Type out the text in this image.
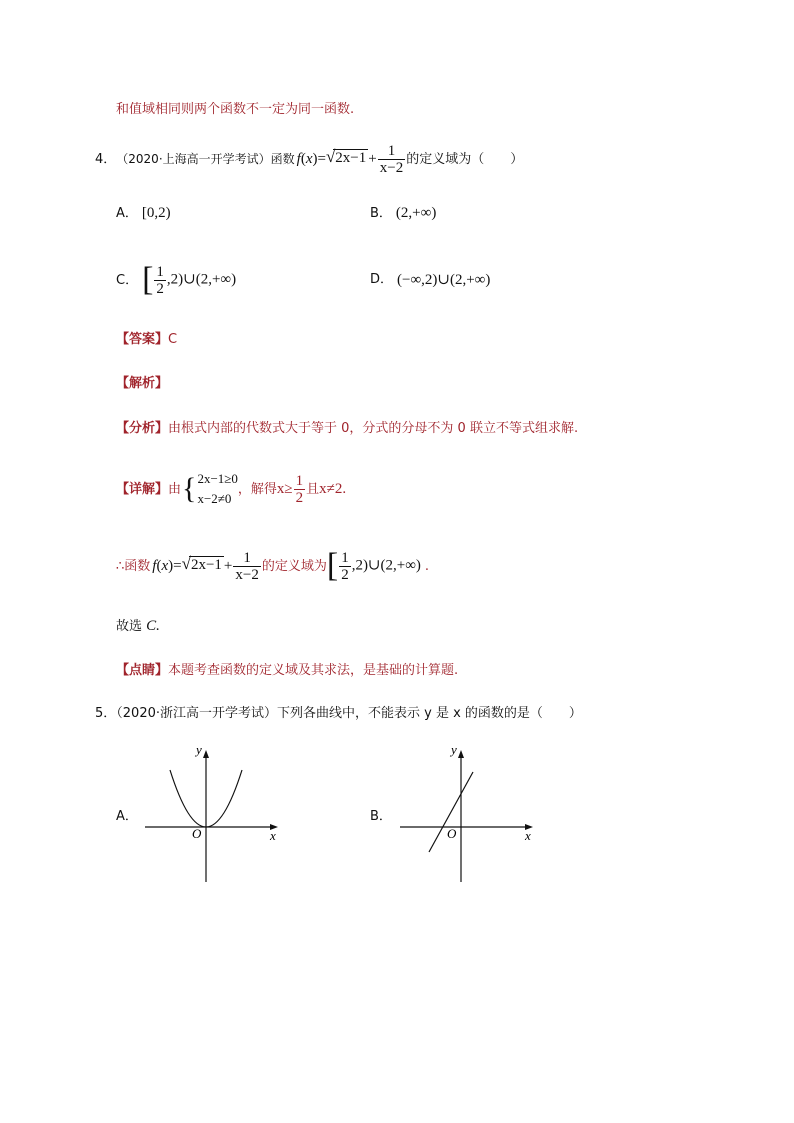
和值域相同则两个函数不一定为同一函数.
4． （2020·上海高一开学考试）函数 $f(x)=√2x-1 + \frac{1}{x-2}$ 的定义域为（　　）
A． [0,2)	B． (2,+∞)
C． [ $\frac{1}{2}$ ,2)∪(2,+∞)	D． (−∞,2)∪(2,+∞)
【答案】C
【解析】
【分析】由根式内部的代数式大于等于 0，分式的分母不为 0 联立不等式组求解.
【详解】 由 { 2x−1≥0
x−2≠0
，解得 $x\ge \frac{1}{2}$ 且 x≠2.
∴函数 $f(x)=√2x-1 + \frac{1}{x-2}$ 的定义域为 [ $\frac{1}{2}$ ,2)∪(2,+∞) .
故选 C.
【点睛】本题考查函数的定义域及其求法，是基础的计算题.
5．（2020·浙江高一开学考试）下列各曲线中，不能表示 y 是 x 的函数的是（　　）
A．
y
x
O
B．
y
x
O
